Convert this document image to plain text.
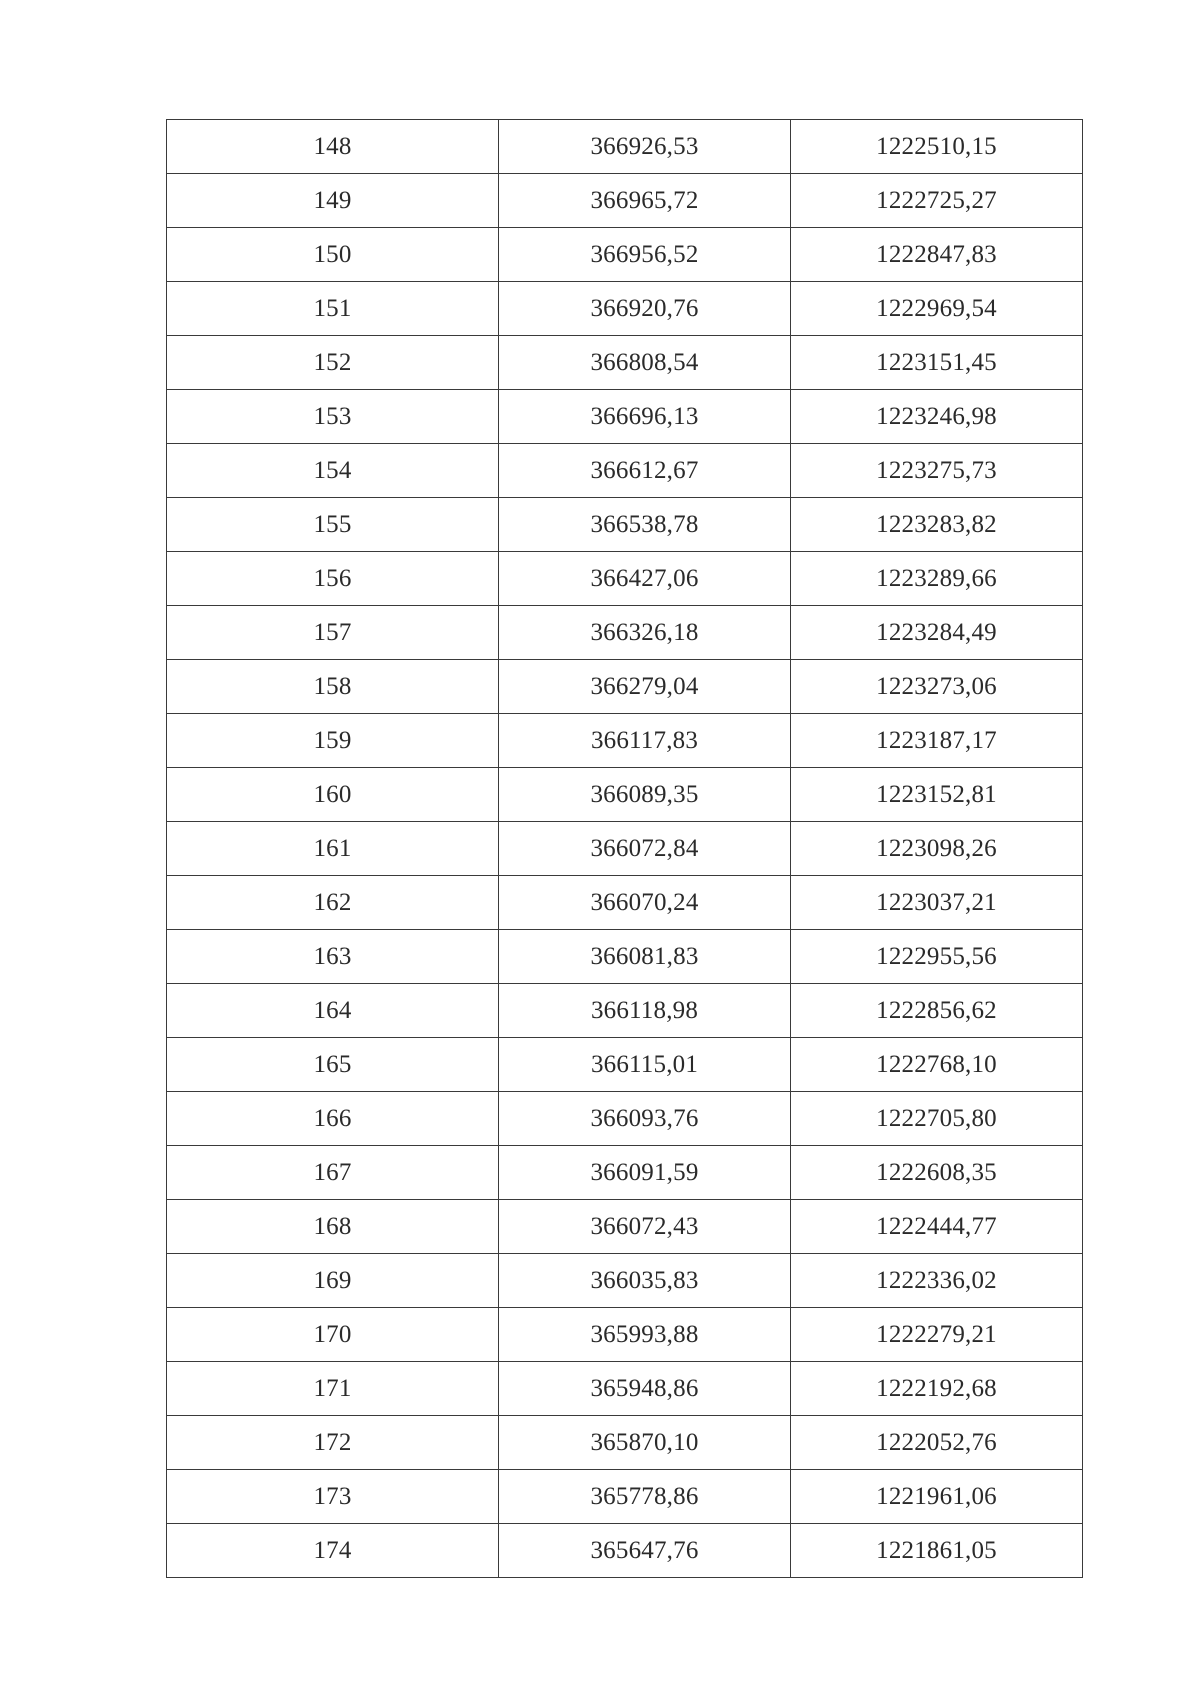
148	366926,53	1222510,15
149	366965,72	1222725,27
150	366956,52	1222847,83
151	366920,76	1222969,54
152	366808,54	1223151,45
153	366696,13	1223246,98
154	366612,67	1223275,73
155	366538,78	1223283,82
156	366427,06	1223289,66
157	366326,18	1223284,49
158	366279,04	1223273,06
159	366117,83	1223187,17
160	366089,35	1223152,81
161	366072,84	1223098,26
162	366070,24	1223037,21
163	366081,83	1222955,56
164	366118,98	1222856,62
165	366115,01	1222768,10
166	366093,76	1222705,80
167	366091,59	1222608,35
168	366072,43	1222444,77
169	366035,83	1222336,02
170	365993,88	1222279,21
171	365948,86	1222192,68
172	365870,10	1222052,76
173	365778,86	1221961,06
174	365647,76	1221861,05
